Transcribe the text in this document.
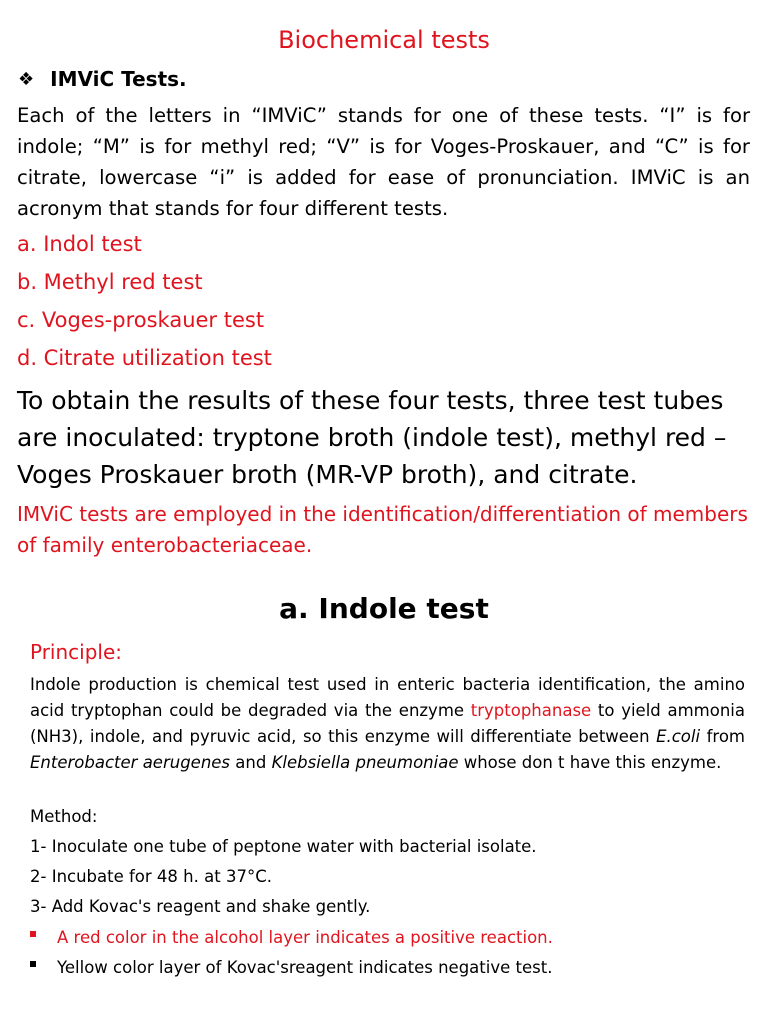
Biochemical tests
❖ IMViC Tests.
Each of the letters in “IMViC” stands for one of these tests. “I” is for indole; “M” is for methyl red; “V” is for Voges-Proskauer, and “C” is for citrate, lowercase “i” is added for ease of pronunciation. IMViC is an acronym that stands for four different tests.
a. Indol test
b. Methyl red test
c. Voges-proskauer test
d. Citrate utilization test
To obtain the results of these four tests, three test tubes are inoculated: tryptone broth (indole test), methyl red – Voges Proskauer broth (MR-VP broth), and citrate.
IMViC tests are employed in the identification/differentiation of members of family enterobacteriaceae.
a. Indole test
Principle:
Indole production is chemical test used in enteric bacteria identification, the amino acid tryptophan could be degraded via the enzyme tryptophanase to yield ammonia (NH3), indole, and pyruvic acid, so this enzyme will differentiate between E.coli from Enterobacter aerugenes and Klebsiella pneumoniae whose don t have this enzyme.
Method:
1- Inoculate one tube of peptone water with bacterial isolate.
2- Incubate for 48 h. at 37°C.
3- Add Kovac's reagent and shake gently.
A red color in the alcohol layer indicates a positive reaction.
Yellow color layer of Kovac'sreagent indicates negative test.
